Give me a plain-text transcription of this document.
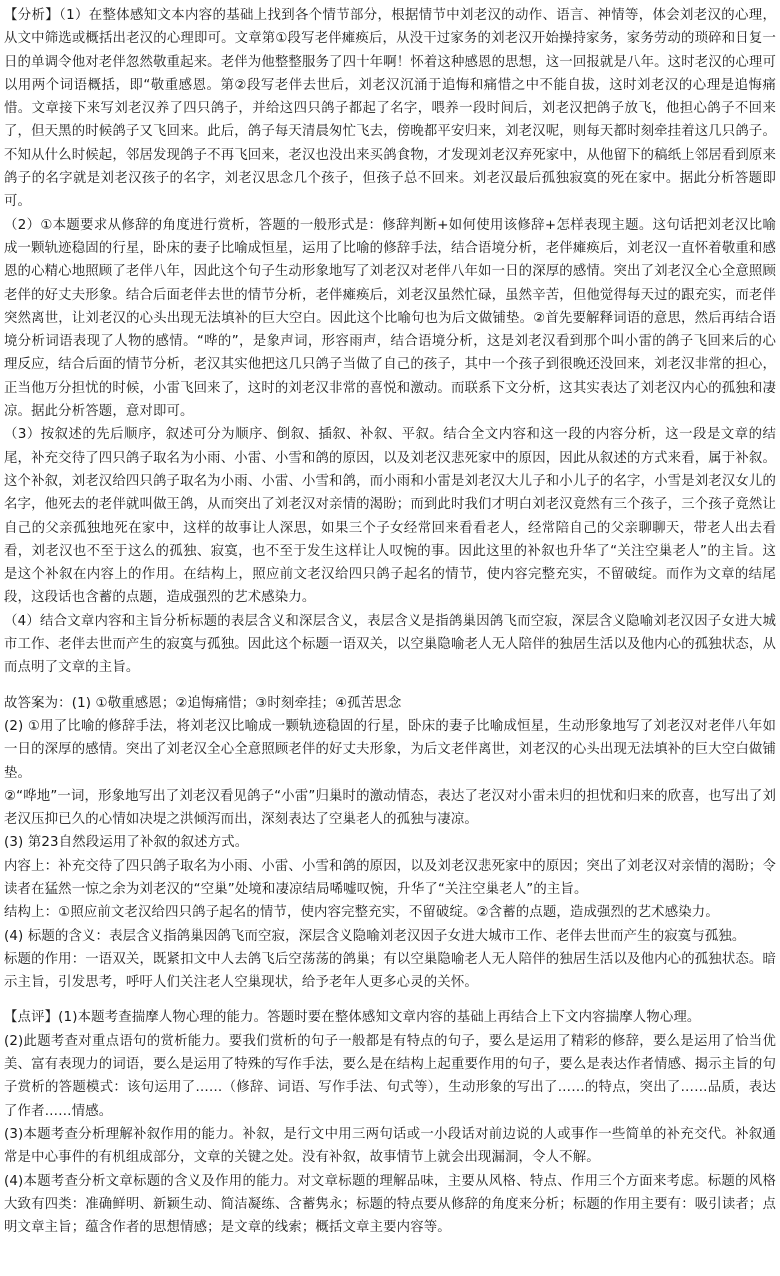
【分析】（1）在整体感知文本内容的基础上找到各个情节部分，根据情节中刘老汉的动作、语言、神情等，体会刘老汉的心理，从文中筛选或概括出老汉的心理即可。文章第①段写老伴瘫痪后，从没干过家务的刘老汉开始操持家务，家务劳动的琐碎和日复一日的单调令他对老伴忽然敬重起来。老伴为他整整服务了四十年啊！怀着这种感恩的思想，这一回报就是八年。这时老汉的心理可以用两个词语概括，即“敬重感恩。第②段写老伴去世后，刘老汉沉涌于追悔和痛惜之中不能自拔，这时刘老汉的心理是追悔痛惜。文章接下来写刘老汉养了四只鸽子，并给这四只鸽子都起了名字，喂养一段时间后，刘老汉把鸽子放飞，他担心鸽子不回来了，但天黑的时候鸽子又飞回来。此后，鸽子每天清晨匆忙飞去，傍晚都平安归来，刘老汉呢，则每天都时刻牵挂着这几只鸽子。不知从什么时候起，邻居发现鸽子不再飞回来，老汉也没出来买鸽食物，才发现刘老汉弃死家中，从他留下的稿纸上邻居看到原来鸽子的名字就是刘老汉孩子的名字，刘老汉思念几个孩子，但孩子总不回来。刘老汉最后孤独寂寞的死在家中。据此分析答题即可。

（2）①本题要求从修辞的角度进行赏析，答题的一般形式是：修辞判断+如何使用该修辞+怎样表现主题。这句话把刘老汉比喻成一颗轨迹稳固的行星，卧床的妻子比喻成恒星，运用了比喻的修辞手法，结合语境分析，老伴瘫痪后，刘老汉一直怀着敬重和感恩的心精心地照顾了老伴八年，因此这个句子生动形象地写了刘老汉对老伴八年如一日的深厚的感情。突出了刘老汉全心全意照顾老伴的好丈夫形象。结合后面老伴去世的情节分析，老伴瘫痪后，刘老汉虽然忙碌，虽然辛苦，但他觉得每天过的跟充实，而老伴突然离世，让刘老汉的心头出现无法填补的巨大空白。因此这个比喻句也为后文做铺垫。②首先要解释词语的意思，然后再结合语境分析词语表现了人物的感情。“哗的”，是象声词，形容雨声，结合语境分析，这是刘老汉看到那个叫小雷的鸽子飞回来后的心理反应，结合后面的情节分析，老汉其实他把这几只鸽子当做了自己的孩子，其中一个孩子到很晚还没回来，刘老汉非常的担心，正当他万分担忧的时候，小雷飞回来了，这时的刘老汉非常的喜悦和激动。而联系下文分析，这其实表达了刘老汉内心的孤独和凄凉。据此分析答题，意对即可。

（3）按叙述的先后顺序，叙述可分为顺序、倒叙、插叙、补叙、平叙。结合全文内容和这一段的内容分析，这一段是文章的结尾，补充交待了四只鸽子取名为小雨、小雷、小雪和鸽的原因，以及刘老汉悲死家中的原因，因此从叙述的方式来看，属于补叙。这个补叙，刘老汉给四只鸽子取名为小雨、小雷、小雪和鸽，而小雨和小雷是刘老汉大儿子和小儿子的名字，小雪是刘老汉女儿的名字，他死去的老伴就叫做王鸽，从而突出了刘老汉对亲情的渴盼；而到此时我们才明白刘老汉竟然有三个孩子，三个孩子竟然让自己的父亲孤独地死在家中，这样的故事让人深思，如果三个子女经常回来看看老人，经常陪自己的父亲聊聊天，带老人出去看看，刘老汉也不至于这么的孤独、寂寞，也不至于发生这样让人叹惋的事。因此这里的补叙也升华了“关注空巢老人”的主旨。这是这个补叙在内容上的作用。在结构上，照应前文老汉给四只鸽子起名的情节，使内容完整充实，不留破绽。而作为文章的结尾段，这段话也含蓄的点题，造成强烈的艺术感染力。

（4）结合文章内容和主旨分析标题的表层含义和深层含义，表层含义是指鸽巢因鸽飞而空寂，深层含义隐喻刘老汉因子女进大城市工作、老伴去世而产生的寂寞与孤独。因此这个标题一语双关，以空巢隐喻老人无人陪伴的独居生活以及他内心的孤独状态，从而点明了文章的主旨。

故答案为：(1) ①敬重感恩；②追悔痛惜；③时刻牵挂；④孤苦思念

(2) ①用了比喻的修辞手法，将刘老汉比喻成一颗轨迹稳固的行星，卧床的妻子比喻成恒星，生动形象地写了刘老汉对老伴八年如一日的深厚的感情。突出了刘老汉全心全意照顾老伴的好丈夫形象，为后文老伴离世，刘老汉的心头出现无法填补的巨大空白做铺垫。

②“哗地”一词，形象地写出了刘老汉看见鸽子“小雷”归巢时的激动情态，表达了老汉对小雷未归的担忧和归来的欣喜，也写出了刘老汉压抑已久的心情如决堤之洪倾泻而出，深刻表达了空巢老人的孤独与凄凉。

(3) 第23自然段运用了补叙的叙述方式。

内容上：补充交待了四只鸽子取名为小雨、小雷、小雪和鸽的原因，以及刘老汉悲死家中的原因；突出了刘老汉对亲情的渴盼；令读者在猛然一惊之余为刘老汉的“空巢”处境和凄凉结局唏嘘叹惋，升华了“关注空巢老人”的主旨。

结构上：①照应前文老汉给四只鸽子起名的情节，使内容完整充实，不留破绽。②含蓄的点题，造成强烈的艺术感染力。

(4) 标题的含义：表层含义指鸽巢因鸽飞而空寂，深层含义隐喻刘老汉因子女进大城市工作、老伴去世而产生的寂寞与孤独。

标题的作用：一语双关，既紧扣文中人去鸽飞后空荡荡的鸽巢；有以空巢隐喻老人无人陪伴的独居生活以及他内心的孤独状态。暗示主旨，引发思考，呼吁人们关注老人空巢现状，给予老年人更多心灵的关怀。

【点评】(1)本题考查揣摩人物心理的能力。答题时要在整体感知文章内容的基础上再结合上下文内容揣摩人物心理。

(2)此题考查对重点语句的赏析能力。要我们赏析的句子一般都是有特点的句子，要么是运用了精彩的修辞，要么是运用了恰当优美、富有表现力的词语，要么是运用了特殊的写作手法，要么是在结构上起重要作用的句子，要么是表达作者情感、揭示主旨的句子赏析的答题模式：该句运用了……（修辞、词语、写作手法、句式等），生动形象的写出了……的特点，突出了……品质，表达了作者……情感。

(3)本题考查分析理解补叙作用的能力。补叙，是行文中用三两句话或一小段话对前边说的人或事作一些简单的补充交代。补叙通常是中心事件的有机组成部分，文章的关键之处。没有补叙，故事情节上就会出现漏洞，令人不解。

(4)本题考查分析文章标题的含义及作用的能力。对文章标题的理解品味，主要从风格、特点、作用三个方面来考虑。标题的风格大致有四类：准确鲜明、新颖生动、简洁凝练、含蓄隽永；标题的特点要从修辞的角度来分析；标题的作用主要有：吸引读者；点明文章主旨；蕴含作者的思想情感；是文章的线索；概括文章主要内容等。
